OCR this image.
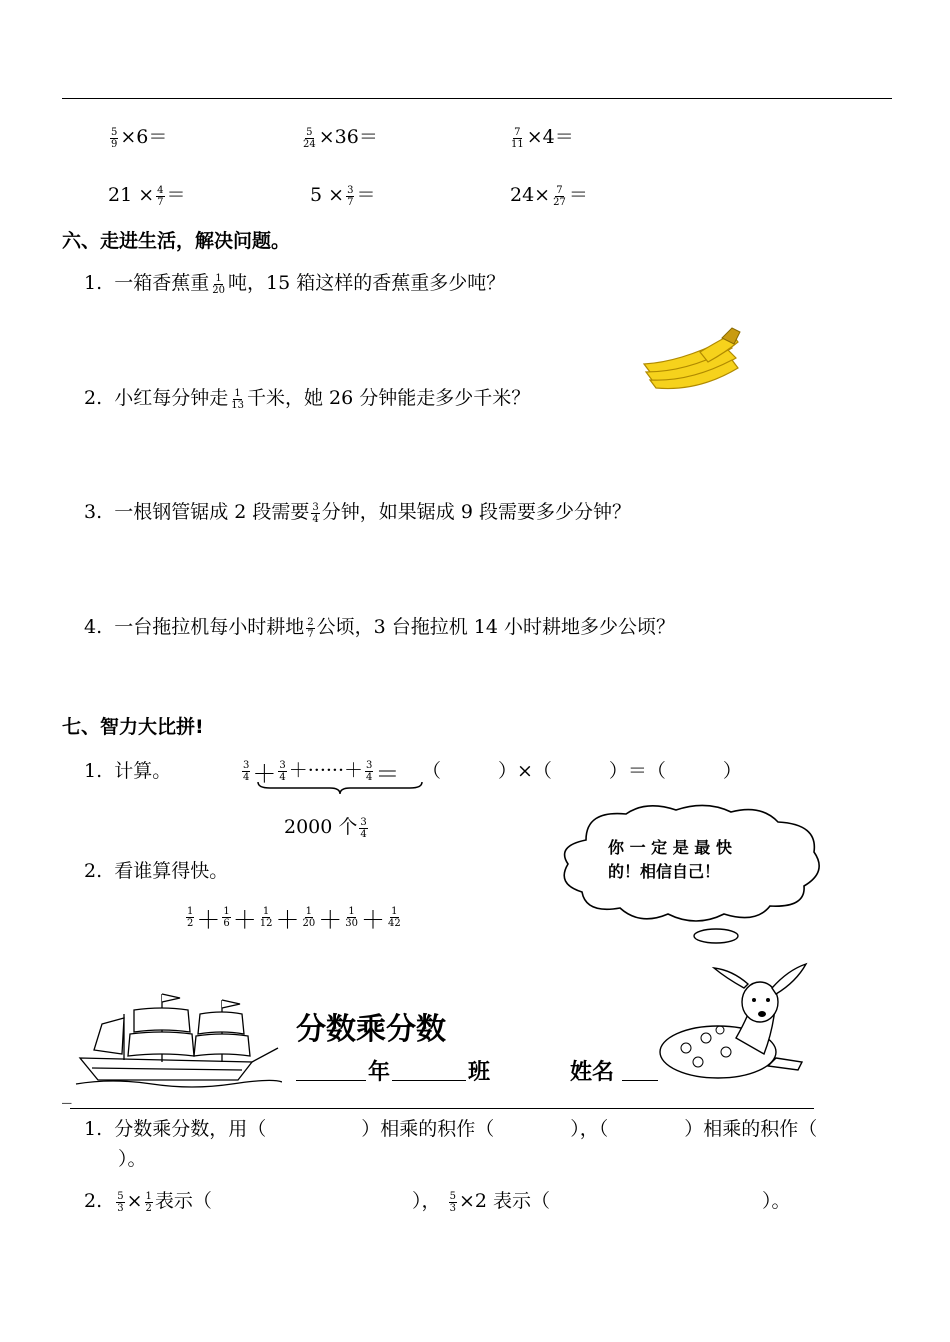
$\frac{5}{9} \times 6=$	$\frac{5}{24} \times 36=$	$\frac{7}{11} \times 4=$
$21 \times \frac{4}{7}$ ＝	$5 \times \frac{3}{7}$ ＝	$24\times \frac{7}{27}$ ＝
六、走进生活，解决问题。
1. 一箱香蕉重 $\frac{1}{20}$ 吨，15 箱这样的香蕉重多少吨？
2. 小红每分钟走 $\frac{1}{13}$ 千米，她 26 分钟能走多少千米？
3. 一根钢管锯成 2 段需要 $\frac{3}{4}$ 分钟，如果锯成 9 段需要多少分钟？
4. 一台拖拉机每小时耕地 $\frac{2}{7}$ 公顷，3 台拖拉机 14 小时耕地多少公顷？
七、智力大比拼!
1. 计算。	$\frac{3}{4} + \frac{3}{4}$ ＋······＋ $\frac{3}{4}$ ＝ （　　　）×（　　　）＝（　　　）
2000 个 $\frac{3}{4}$
你 一 定 是 最 快 的！相信自己！
2. 看谁算得快。
$\frac{1}{2} + \frac{1}{6} + \frac{1}{12} + \frac{1}{20} + \frac{1}{30} + \frac{1}{42}$
分数乘分数
年	班	姓名
_
1. 分数乘分数，用（　　　　　）相乘的积作（　　　　），（　　　　）相乘的积作（
）。
2. $\frac{5}{3} \times \frac{1}{2}$ 表示（	）， $\frac{5}{3} \times 2$ 表示（	）。
